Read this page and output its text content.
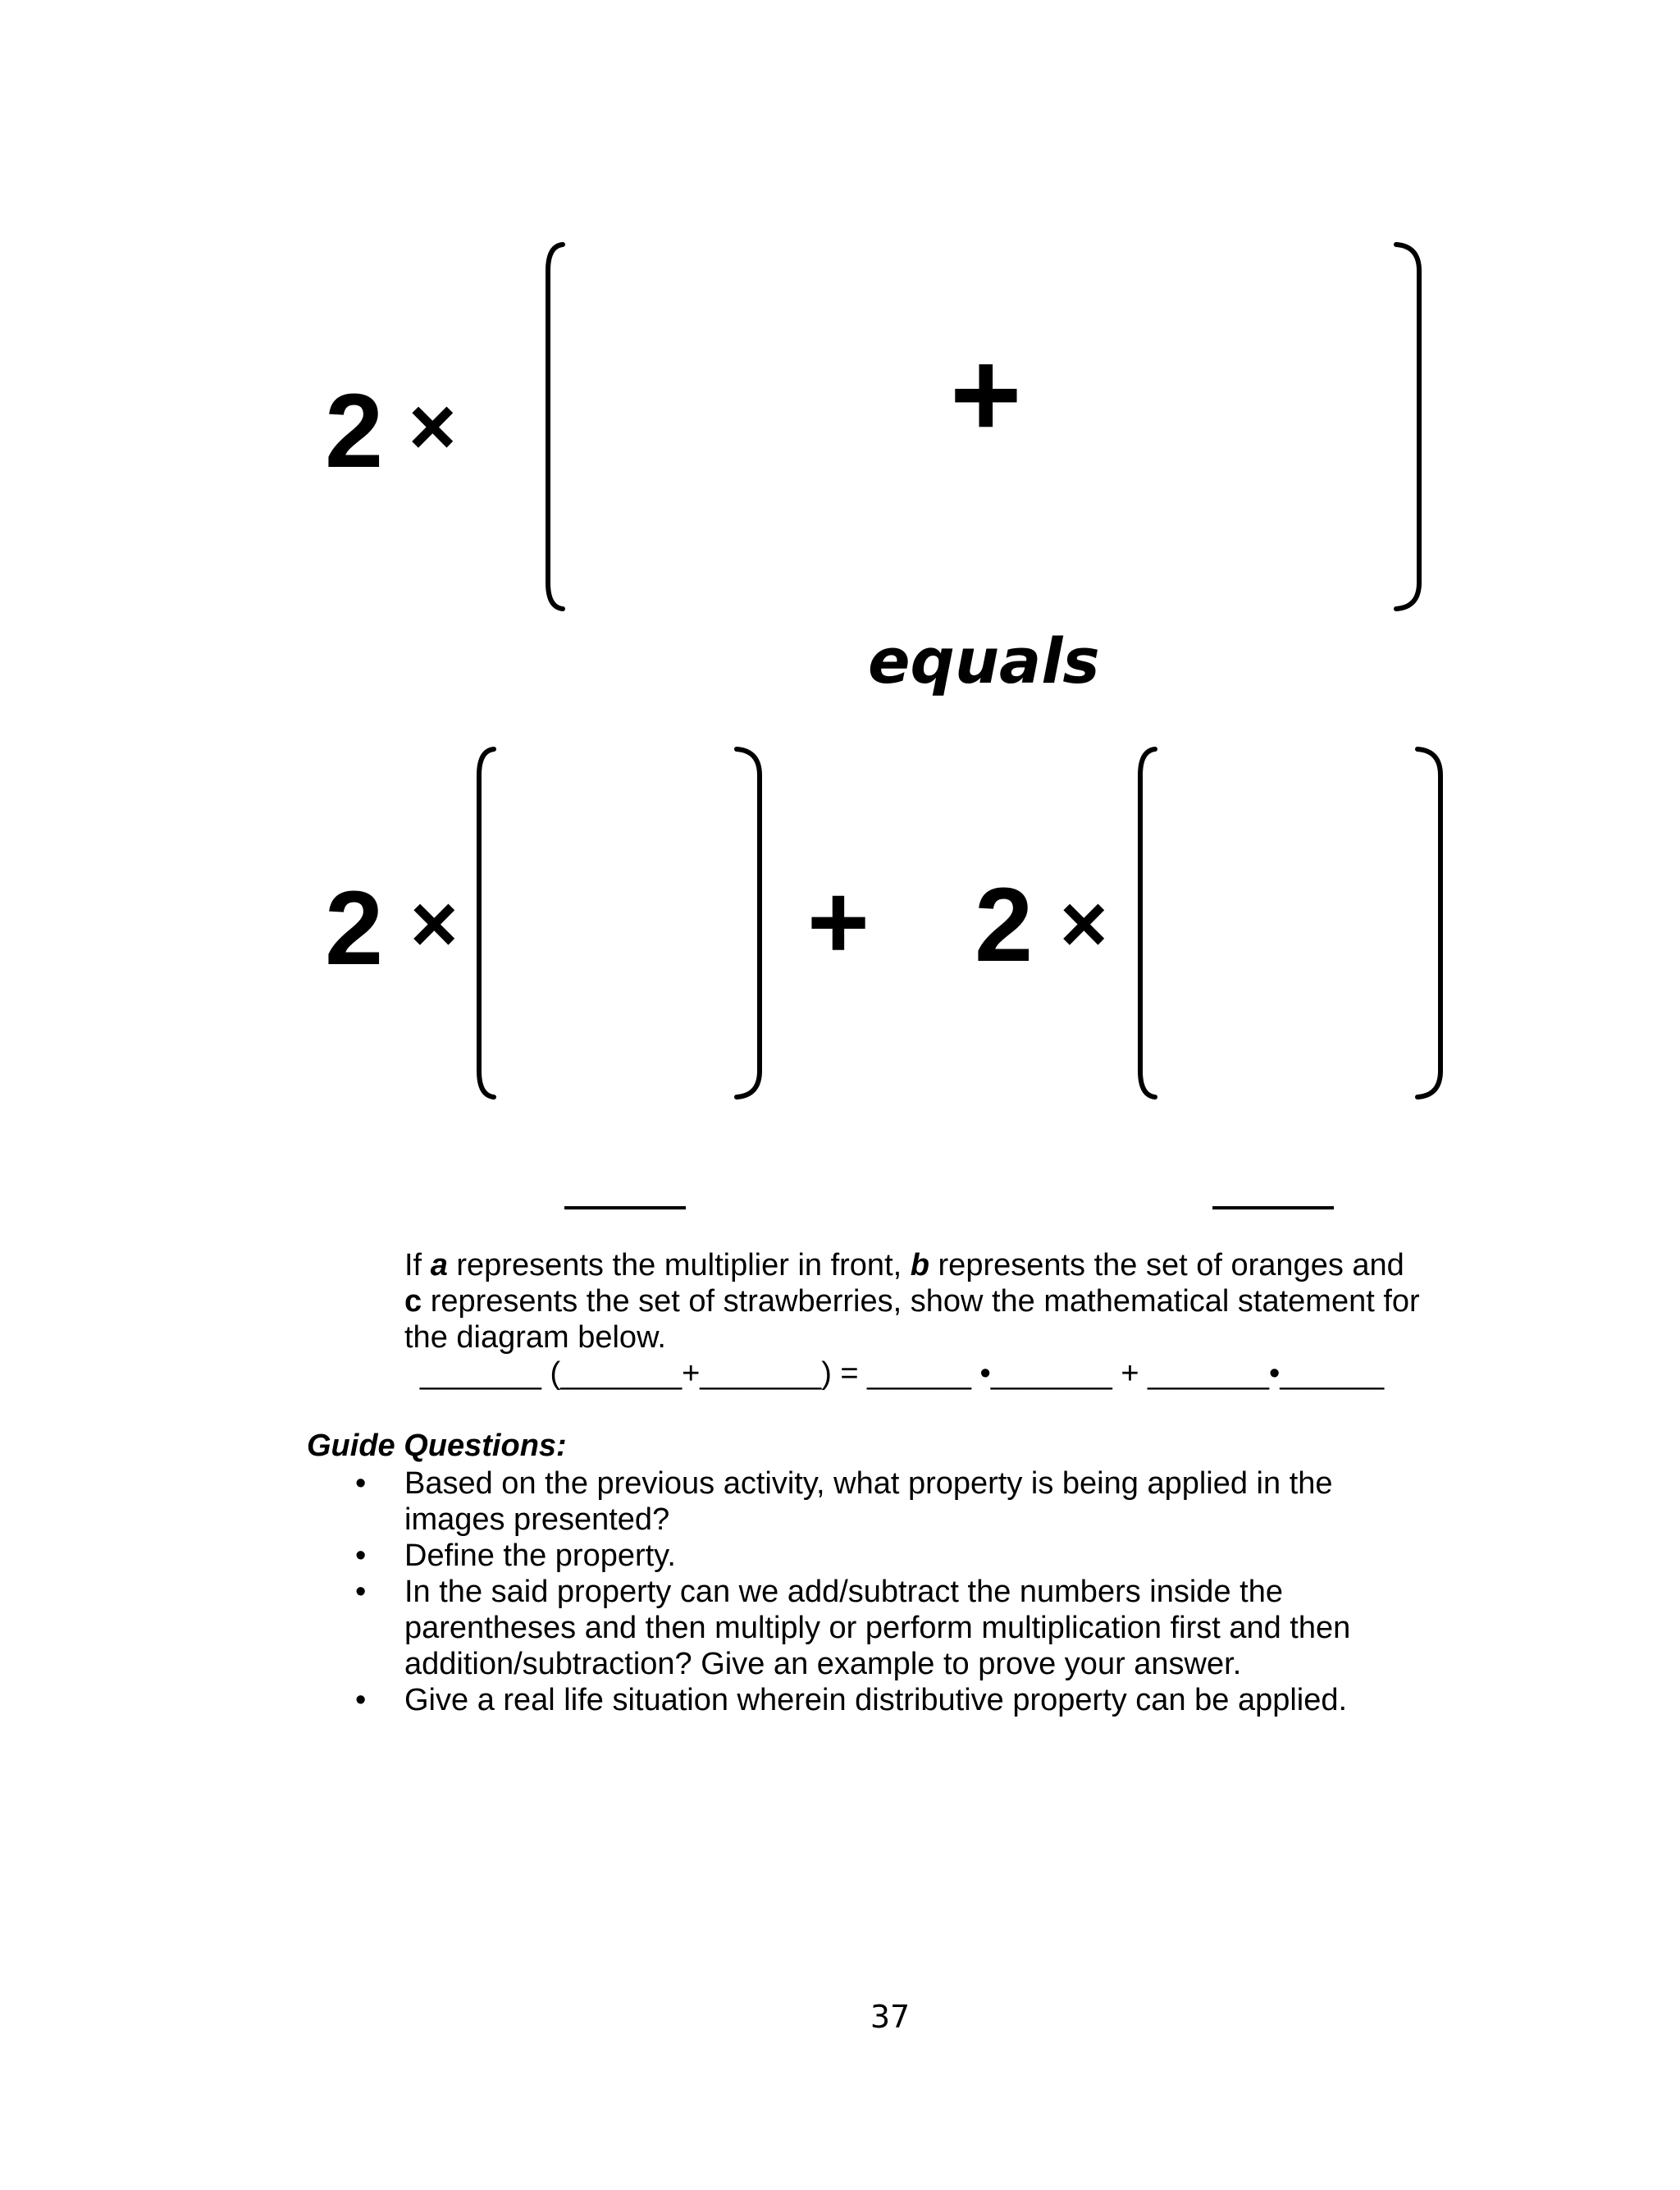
2 ×	+
equals
2 ×	+ 2 ×
If a represents the multiplier in front, b represents the set of oranges and
c represents the set of strawberries, show the mathematical statement for
the diagram below.
_______ (_______+_______) = ______ •_______ + _______•______
Guide Questions:
• Based on the previous activity, what property is being applied in the
images presented?
• Define the property.
• In the said property can we add/subtract the numbers inside the
parentheses and then multiply or perform multiplication first and then
addition/subtraction? Give an example to prove your answer.
• Give a real life situation wherein distributive property can be applied.
37
